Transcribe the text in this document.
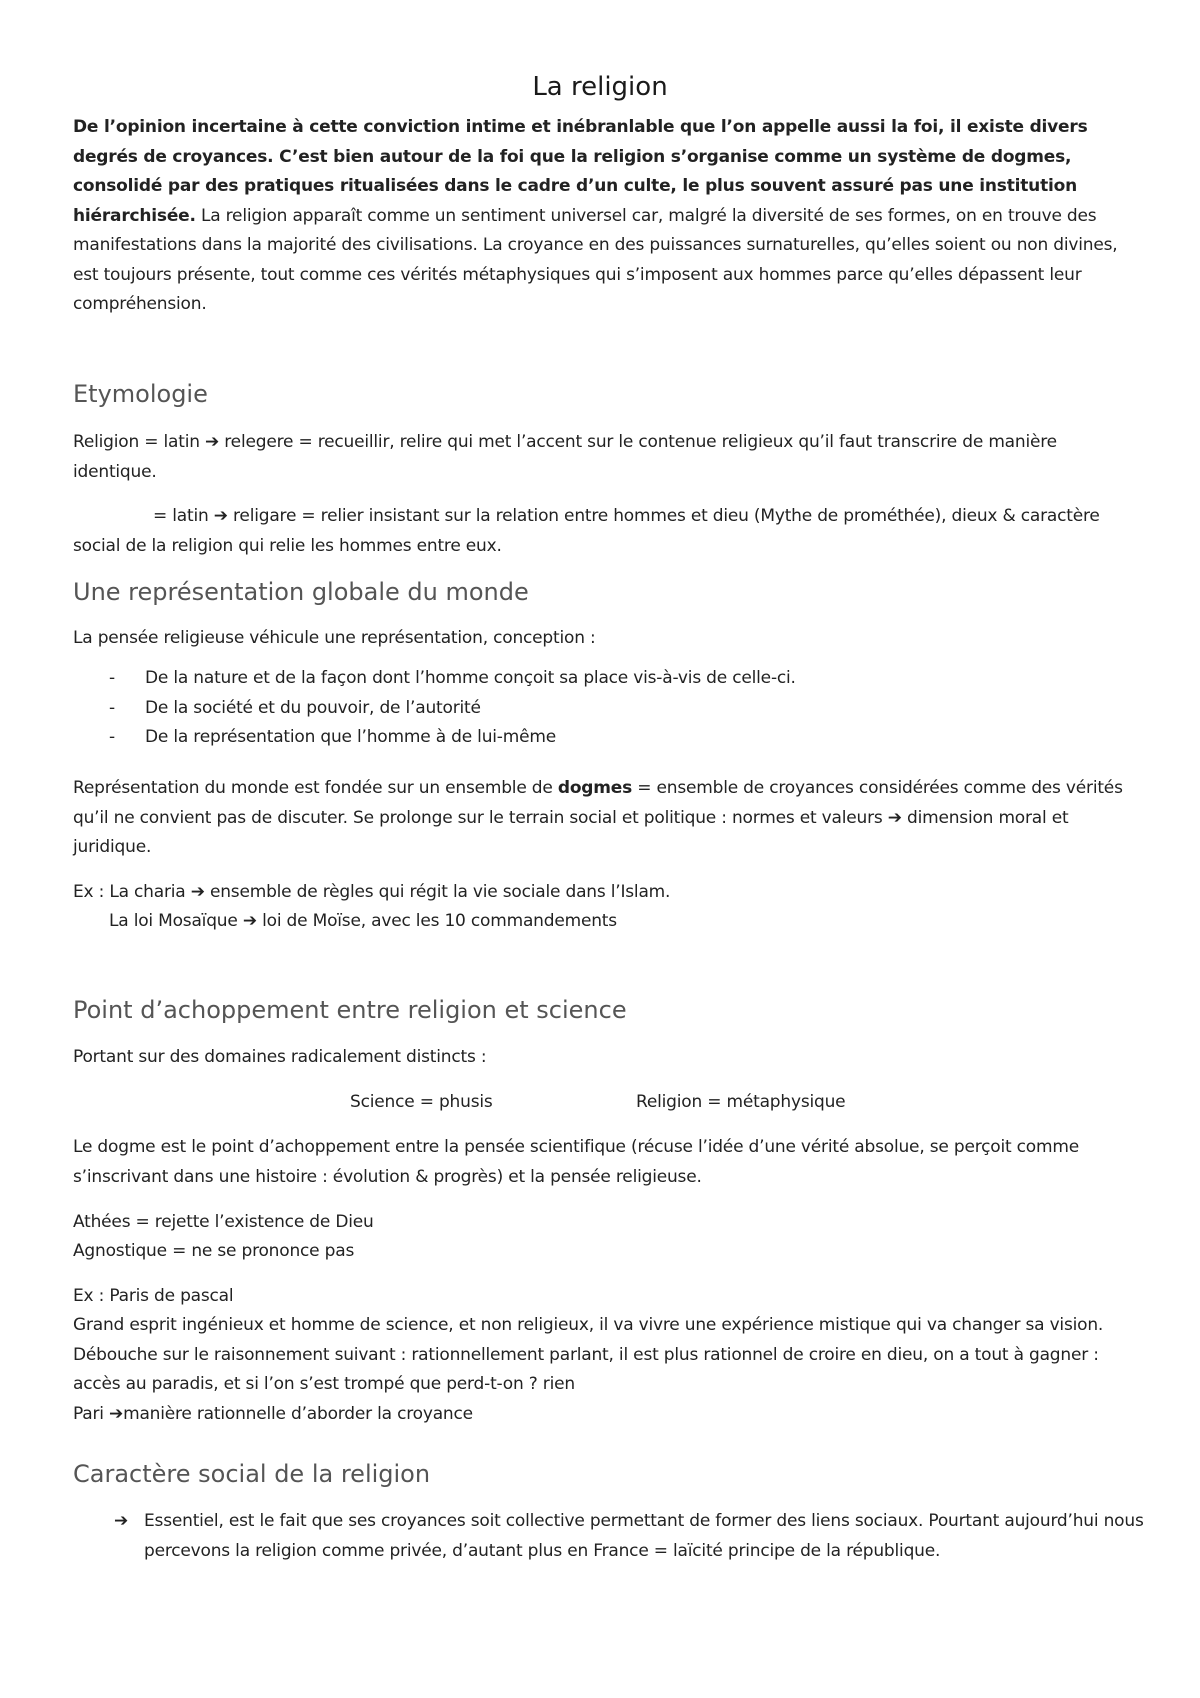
La religion

De l’opinion incertaine à cette conviction intime et inébranlable que l’on appelle aussi la foi, il existe divers degrés de croyances. C’est bien autour de la foi que la religion s’organise comme un système de dogmes, consolidé par des pratiques ritualisées dans le cadre d’un culte, le plus souvent assuré pas une institution hiérarchisée. La religion apparaît comme un sentiment universel car, malgré la diversité de ses formes, on en trouve des manifestations dans la majorité des civilisations. La croyance en des puissances surnaturelles, qu’elles soient ou non divines, est toujours présente, tout comme ces vérités métaphysiques qui s’imposent aux hommes parce qu’elles dépassent leur compréhension.

Etymologie

Religion = latin ➔ relegere = recueillir, relire qui met l’accent sur le contenue religieux qu’il faut transcrire de manière identique.

= latin ➔ religare = relier insistant sur la relation entre hommes et dieu (Mythe de prométhée), dieux & caractère social de la religion qui relie les hommes entre eux.

Une représentation globale du monde

La pensée religieuse véhicule une représentation, conception :

- De la nature et de la façon dont l’homme conçoit sa place vis-à-vis de celle-ci.
- De la société et du pouvoir, de l’autorité
- De la représentation que l’homme à de lui-même

Représentation du monde est fondée sur un ensemble de dogmes = ensemble de croyances considérées comme des vérités qu’il ne convient pas de discuter. Se prolonge sur le terrain social et politique : normes et valeurs ➔ dimension moral et juridique.

Ex : La charia ➔ ensemble de règles qui régit la vie sociale dans l’Islam.

La loi Mosaïque ➔ loi de Moïse, avec les 10 commandements

Point d’achoppement entre religion et science

Portant sur des domaines radicalement distincts :

Science = phusis	Religion = métaphysique

Le dogme est le point d’achoppement entre la pensée scientifique (récuse l’idée d’une vérité absolue, se perçoit comme s’inscrivant dans une histoire : évolution & progrès) et la pensée religieuse.

Athées = rejette l’existence de Dieu

Agnostique = ne se prononce pas

Ex : Paris de pascal

Grand esprit ingénieux et homme de science, et non religieux, il va vivre une expérience mistique qui va changer sa vision. Débouche sur le raisonnement suivant : rationnellement parlant, il est plus rationnel de croire en dieu, on a tout à gagner : accès au paradis, et si l’on s’est trompé que perd-t-on ? rien

Pari ➔manière rationnelle d’aborder la croyance

Caractère social de la religion
➔ Essentiel, est le fait que ses croyances soit collective permettant de former des liens sociaux. Pourtant aujourd’hui nous percevons la religion comme privée, d’autant plus en France = laïcité principe de la république.
